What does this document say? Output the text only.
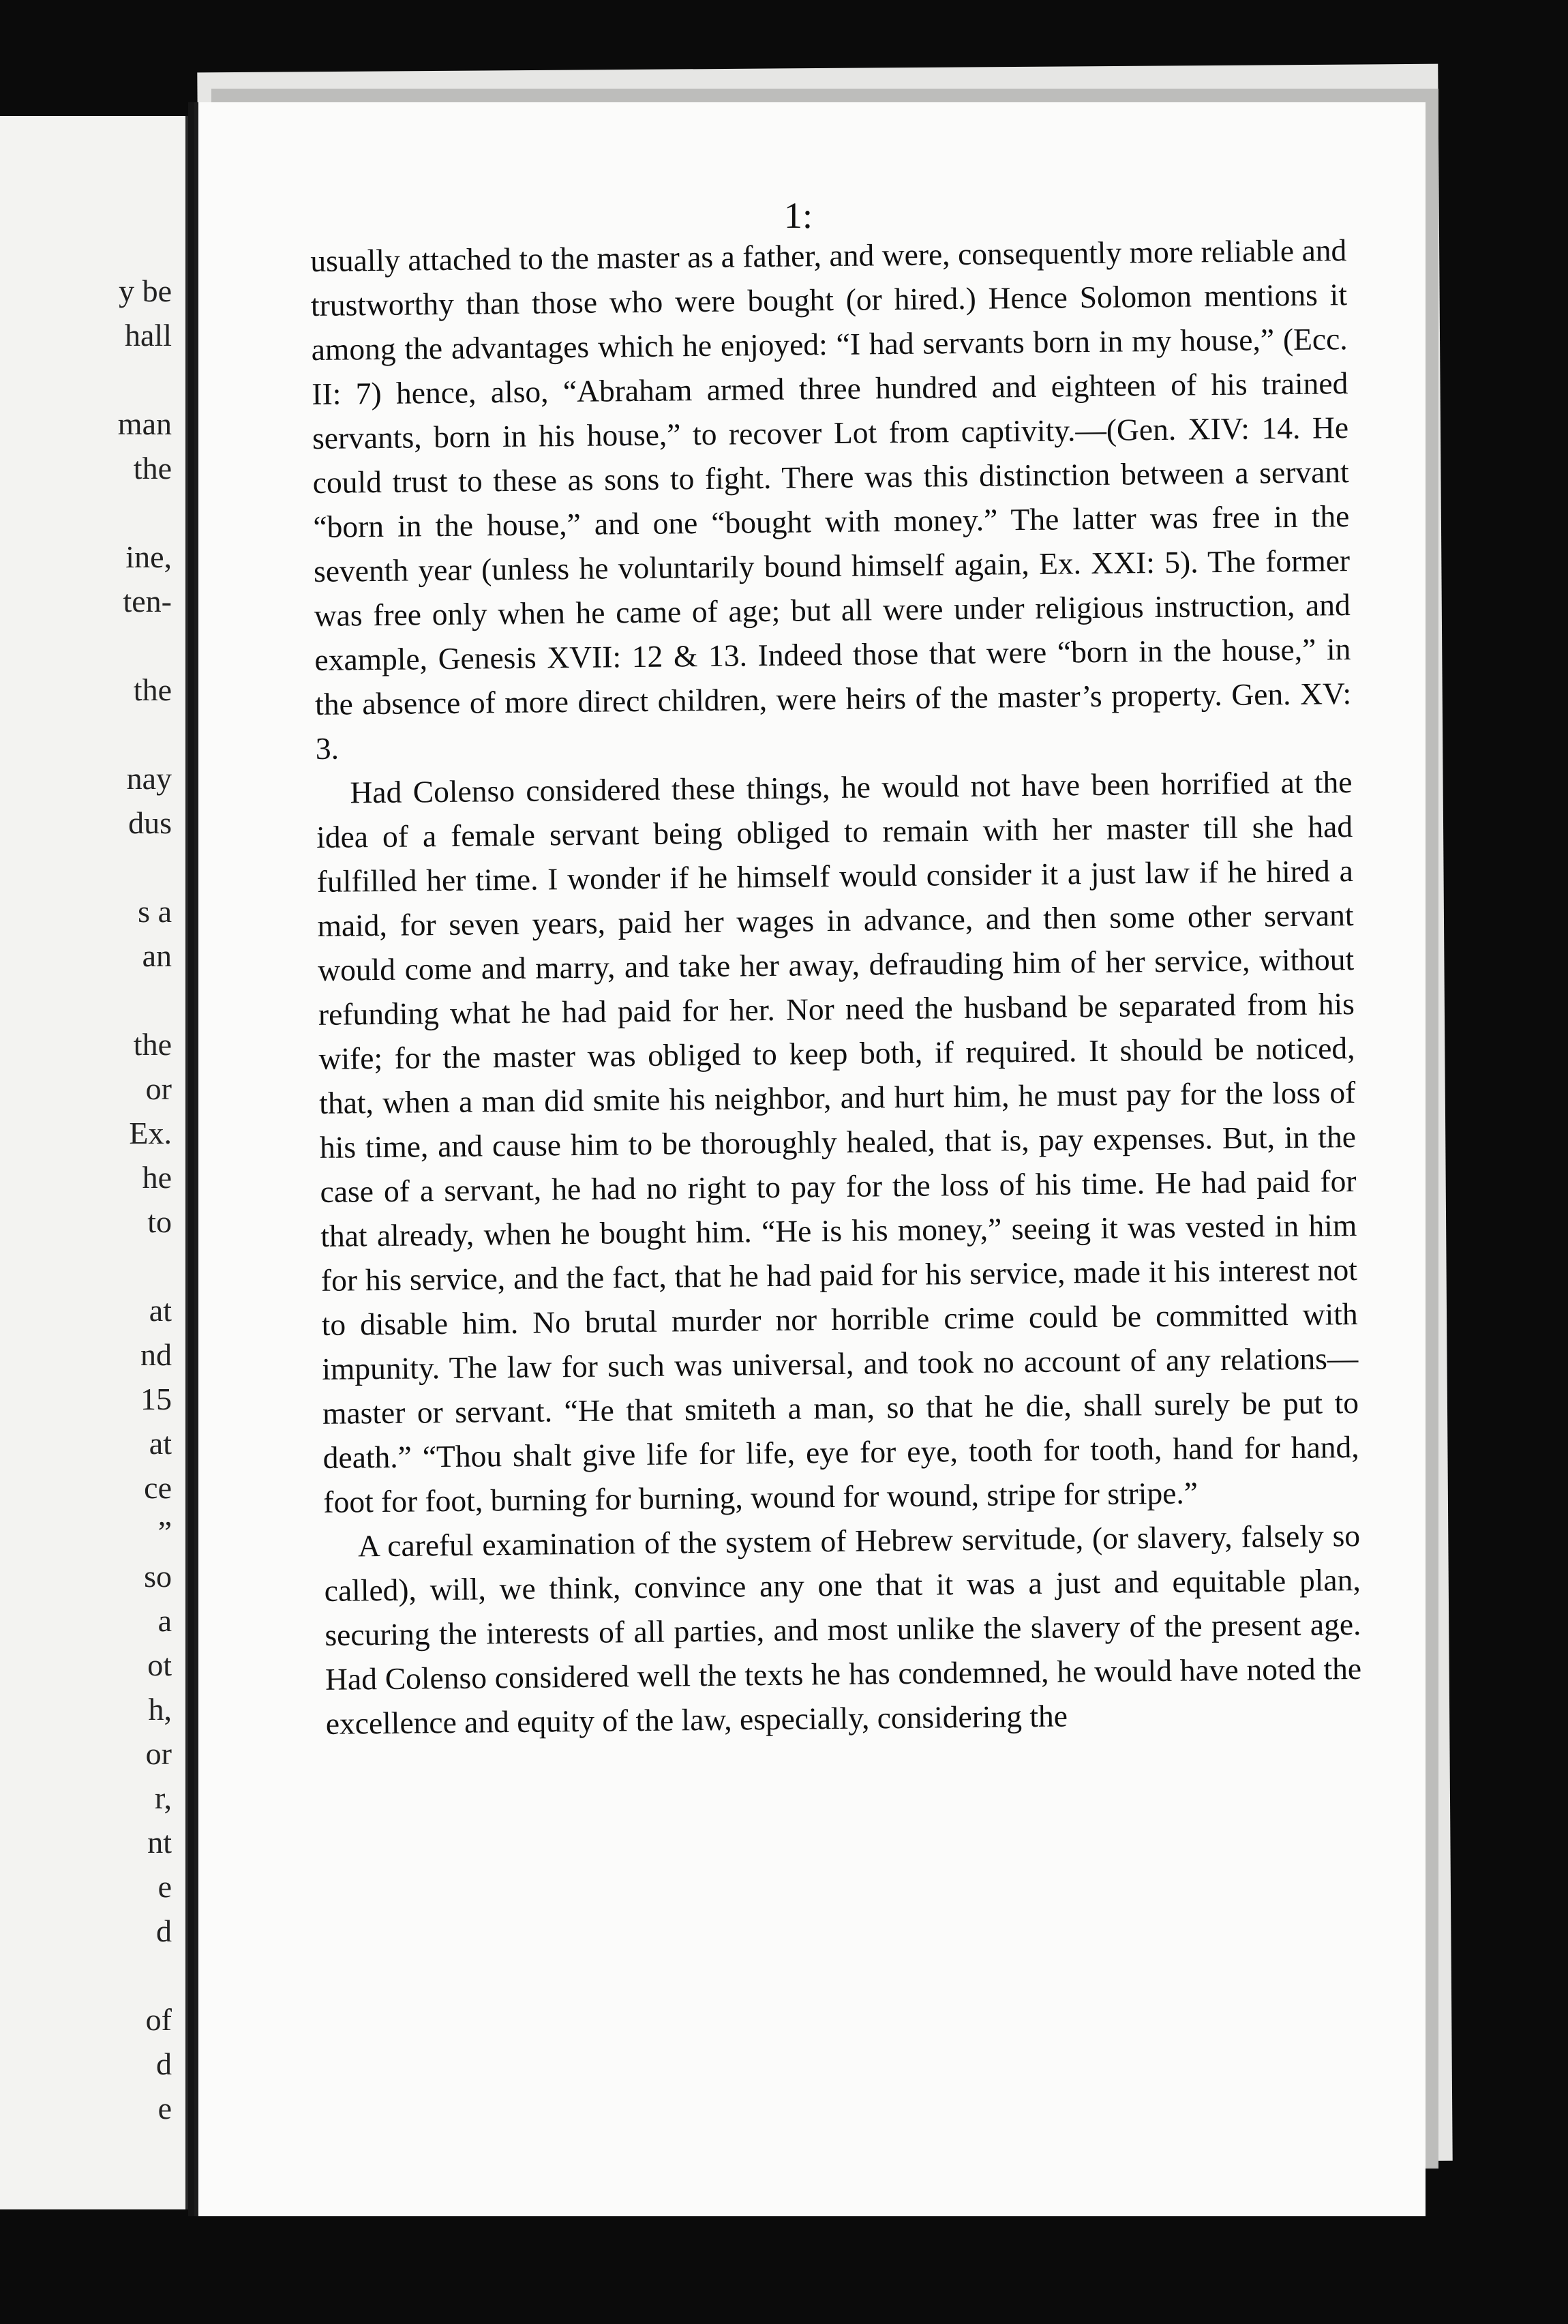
y be
hall
man
the
ine,
ten-
the
nay
dus
s a
an
the
or
Ex.
he
to
at
nd
15
at
ce
”
so
a
ot
h,
or
r,
nt
e
d
of
d
e
1:

usually attached to the master as a father, and were, consequently more reliable and trustworthy than those who were bought (or hired.) Hence Solomon mentions it among the advantages which he enjoyed: “I had servants born in my house,” (Ecc. II: 7) hence, also, “Abraham armed three hundred and eighteen of his trained servants, born in his house,” to recover Lot from captivity.—(Gen. XIV: 14. He could trust to these as sons to fight. There was this distinction between a servant “born in the house,” and one “bought with money.” The latter was free in the seventh year (unless he voluntarily bound himself again, Ex. XXI: 5). The former was free only when he came of age; but all were under religious instruction, and example, Genesis XVII: 12 & 13. Indeed those that were “born in the house,” in the absence of more direct children, were heirs of the master’s property. Gen. XV: 3.

Had Colenso considered these things, he would not have been horrified at the idea of a female servant being obliged to remain with her master till she had fulfilled her time. I wonder if he himself would consider it a just law if he hired a maid, for seven years, paid her wages in advance, and then some other servant would come and marry, and take her away, defrauding him of her service, without refunding what he had paid for her. Nor need the husband be separated from his wife; for the master was obliged to keep both, if required. It should be noticed, that, when a man did smite his neighbor, and hurt him, he must pay for the loss of his time, and cause him to be thoroughly healed, that is, pay expenses. But, in the case of a servant, he had no right to pay for the loss of his time. He had paid for that already, when he bought him. “He is his money,” seeing it was vested in him for his service, and the fact, that he had paid for his service, made it his interest not to disable him. No brutal murder nor horrible crime could be committed with impunity. The law for such was universal, and took no account of any relations—master or servant. “He that smiteth a man, so that he die, shall surely be put to death.” “Thou shalt give life for life, eye for eye, tooth for tooth, hand for hand, foot for foot, burning for burning, wound for wound, stripe for stripe.”

A careful examination of the system of Hebrew servitude, (or slavery, falsely so called), will, we think, convince any one that it was a just and equitable plan, securing the interests of all parties, and most unlike the slavery of the present age. Had Colenso considered well the texts he has condemned, he would have noted the excellence and equity of the law, especially, considering the
